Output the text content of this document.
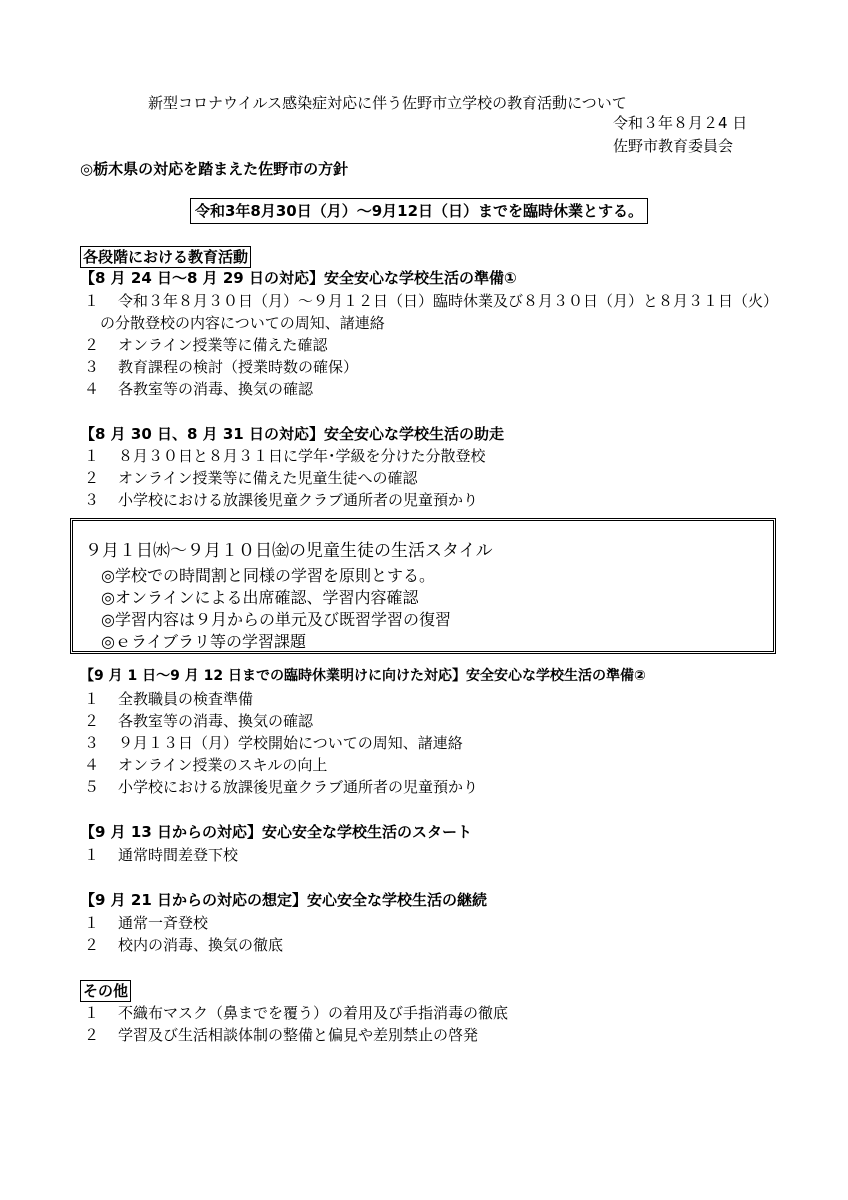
新型コロナウイルス感染症対応に伴う佐野市立学校の教育活動について
令和３年８月２4 日
佐野市教育委員会
◎栃木県の対応を踏まえた佐野市の方針
令和3年8月30日（月）～9月12日（日）までを臨時休業とする。
各段階における教育活動
【8 月 24 日～8 月 29 日の対応】安全安心な学校生活の準備①
１ 令和３年８月３０日（月）～９月１２日（日）臨時休業及び８月３０日（月）と８月３１日（火）
の分散登校の内容についての周知、諸連絡
２ オンライン授業等に備えた確認
３ 教育課程の検討（授業時数の確保）
４ 各教室等の消毒、換気の確認
【8 月 30 日、8 月 31 日の対応】安全安心な学校生活の助走
１ ８月３０日と８月３１日に学年･学級を分けた分散登校
２ オンライン授業等に備えた児童生徒への確認
３ 小学校における放課後児童クラブ通所者の児童預かり
９月１日㈬～９月１０日㈮の児童生徒の生活スタイル
◎学校での時間割と同様の学習を原則とする。
◎オンラインによる出席確認、学習内容確認
◎学習内容は９月からの単元及び既習学習の復習
◎ｅライブラリ等の学習課題
【9 月 1 日～9 月 12 日までの臨時休業明けに向けた対応】安全安心な学校生活の準備②
１ 全教職員の検査準備
２ 各教室等の消毒、換気の確認
３ ９月１３日（月）学校開始についての周知、諸連絡
４ オンライン授業のスキルの向上
５ 小学校における放課後児童クラブ通所者の児童預かり
【9 月 13 日からの対応】安心安全な学校生活のスタート
１ 通常時間差登下校
【9 月 21 日からの対応の想定】安心安全な学校生活の継続
１ 通常一斉登校
２ 校内の消毒、換気の徹底
その他
１ 不織布マスク（鼻までを覆う）の着用及び手指消毒の徹底
２ 学習及び生活相談体制の整備と偏見や差別禁止の啓発
